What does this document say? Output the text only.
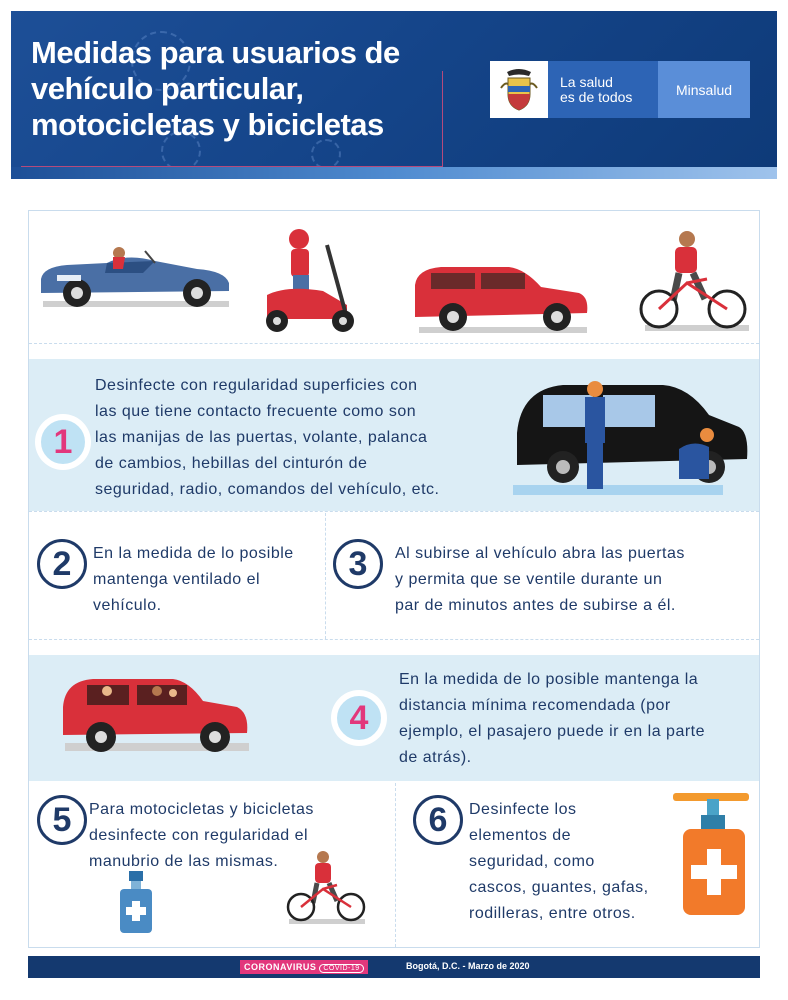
Medidas para usuarios de
vehículo particular,
motocicletas y bicicletas
La salud
es de todos	Minsalud
1
Desinfecte con regularidad superficies con
las que tiene contacto frecuente como son
las manijas de las puertas, volante, palanca
de cambios, hebillas del cinturón de
seguridad, radio, comandos del vehículo, etc.
2	En la medida de lo posible
mantenga ventilado el
vehículo.
3	Al subirse al vehículo abra las puertas
y permita que se ventile durante un
par de minutos antes de subirse a él.
4
En la medida de lo posible mantenga la
distancia mínima recomendada (por
ejemplo, el pasajero puede ir en la parte
de atrás).
5	Para motocicletas y bicicletas
desinfecte con regularidad el
manubrio de las mismas.
6	Desinfecte los
elementos de
seguridad, como
cascos, guantes, gafas,
rodilleras, entre otros.
CORONAVIRUS COVID-19	Bogotá, D.C. - Marzo de 2020
